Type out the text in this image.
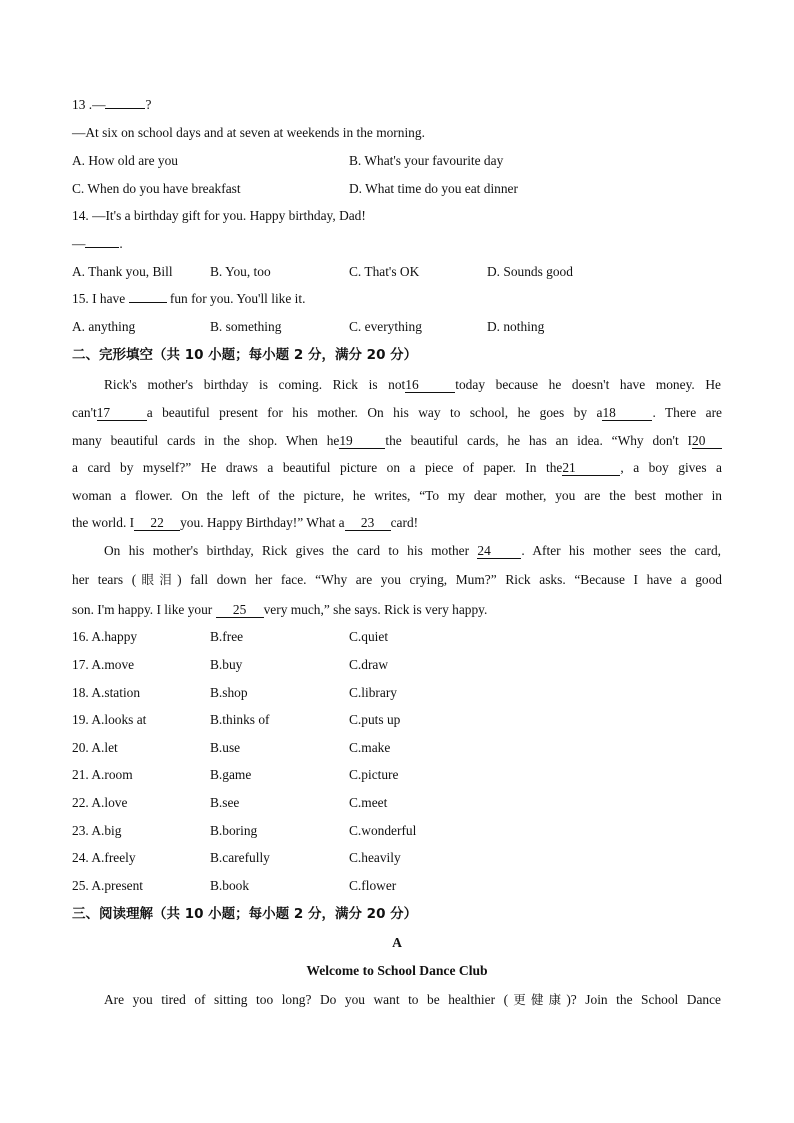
13 .—	?
—At six on school days and at seven at weekends in the morning.
A. How old are you	B. What's your favourite day
C. When do you have breakfast	D. What time do you eat dinner
14. —It's a birthday gift for you. Happy birthday, Dad!
—	.
A. Thank you, Bill	B. You, too	C. That's OK	D. Sounds good
15. I have	fun for you. You'll like it.
A. anything	B. something	C. everything	D. nothing
二、完形填空（共 10 小题；每小题 2 分，满分 20 分）
Rick's mother's birthday is coming. Rick is not16	today because he doesn't have money. He
can't17	a beautiful present for his mother. On his way to school, he goes by a18	. There are
many beautiful cards in the shop. When he19 the beautiful cards, he has an idea. “Why don't I20
a card by myself?” He draws a beautiful picture on a piece of paper. In the21	, a boy gives a
woman a flower. On the left of the picture, he writes, “To my dear mother, you are the best mother in
the world. I 22 you. Happy Birthday!” What a 23 card!
On his mother's birthday, Rick gives the card to his mother 24 . After his mother sees the card,
her tears (眼泪) fall down her face. “Why are you crying, Mum?” Rick asks. “Because I have a good
son. I'm happy. I like your 25 very much,” she says. Rick is very happy.
16. A.happy	B.free	C.quiet
17. A.move	B.buy	C.draw
18. A.station	B.shop	C.library
19. A.looks at	B.thinks of	C.puts up
20. A.let	B.use	C.make
21. A.room	B.game	C.picture
22. A.love	B.see	C.meet
23. A.big	B.boring	C.wonderful
24. A.freely	B.carefully	C.heavily
25. A.present	B.book	C.flower
三、阅读理解（共 10 小题；每小题 2 分，满分 20 分）
A
Welcome to School Dance Club
Are you tired of sitting too long? Do you want to be healthier (更健康)? Join the School Dance
